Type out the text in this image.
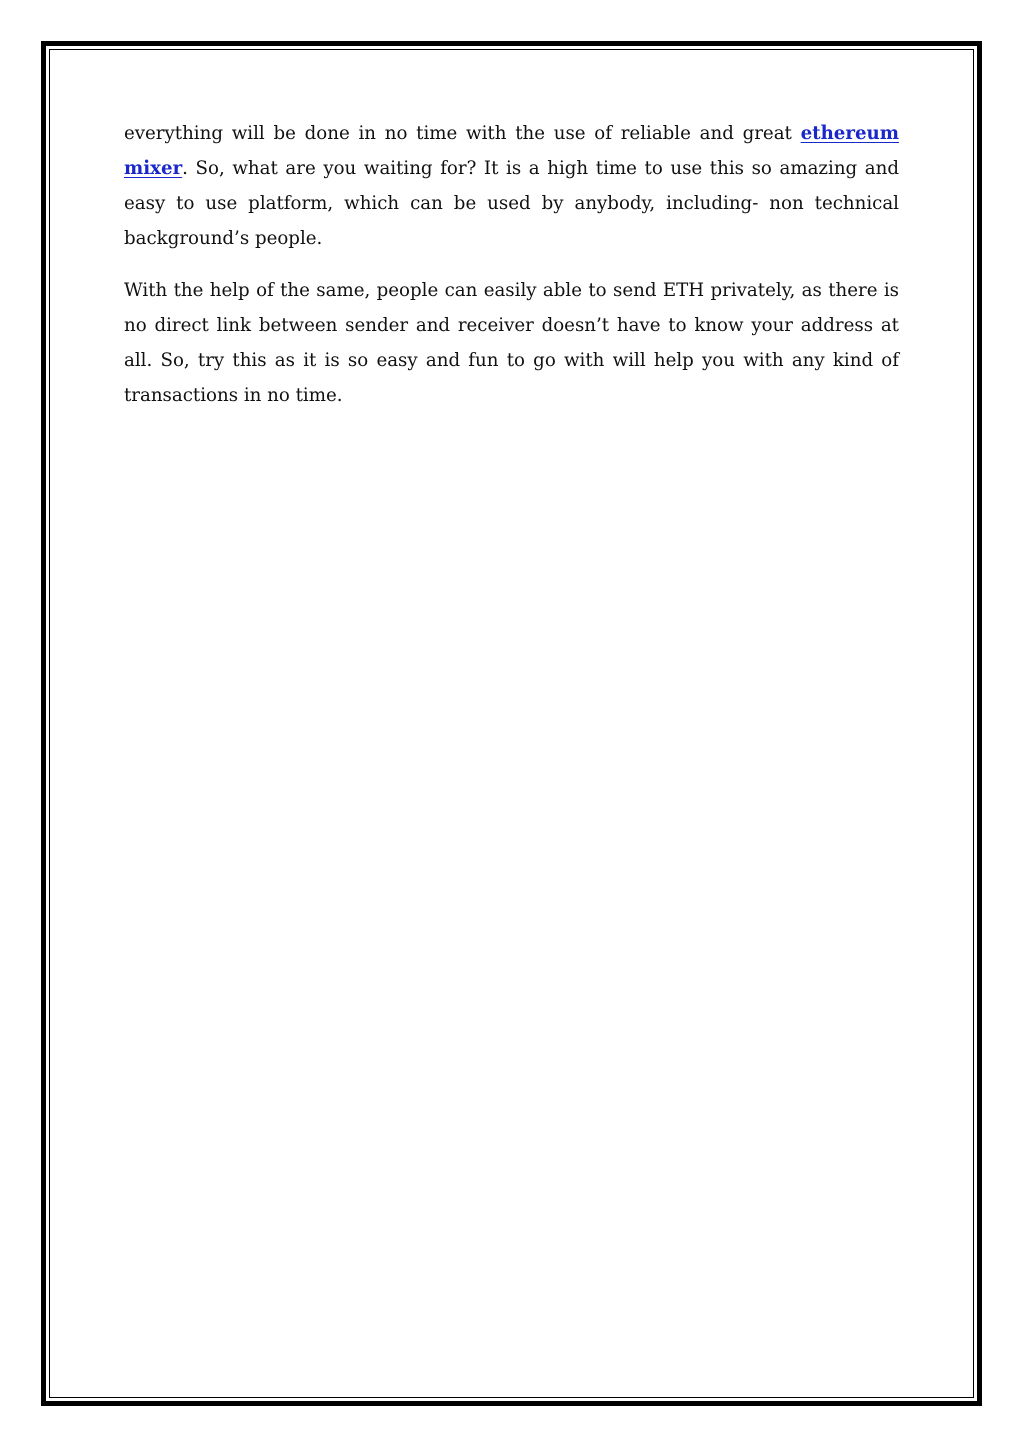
everything will be done in no time with the use of reliable and great ethereum mixer. So, what are you waiting for? It is a high time to use this so amazing and easy to use platform, which can be used by anybody, including- non technical background’s people.

With the help of the same, people can easily able to send ETH privately, as there is no direct link between sender and receiver doesn’t have to know your address at all. So, try this as it is so easy and fun to go with will help you with any kind of transactions in no time.
